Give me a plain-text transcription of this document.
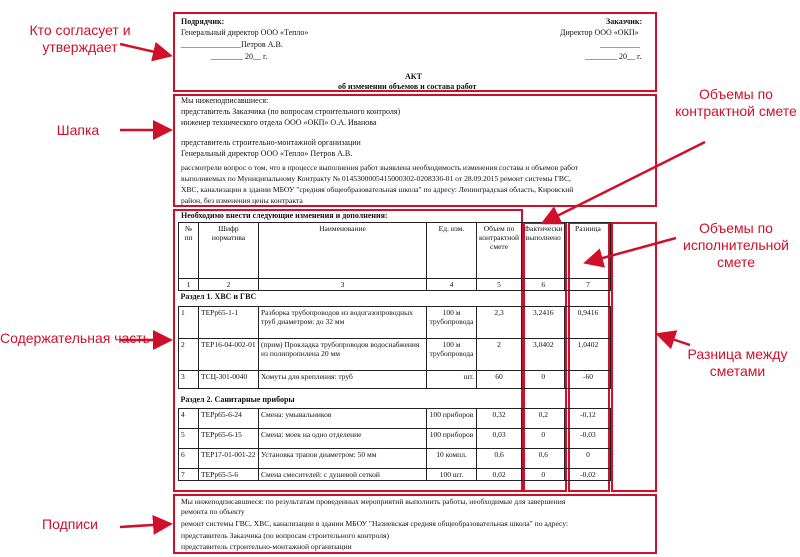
Подрядчик:
Генеральный директор ООО «Тепло»
_______________Петров А.В.
________ 20__ г.
Заказчик:
Директор ООО «ОКП»
__________
________ 20__ г.
АКТ
об изменении объемов и состава работ
Мы нижеподписавшиеся:
представитель Заказчика (по вопросам строительного контроля)
инженер технического отдела ООО «ОКП» О.А. Иванова
представитель строительно-монтажной организации
Генеральный директор ООО «Тепло» Петров А.В.
рассмотрели вопрос о том, что в процессе выполнения работ выявлена необходимость изменения состава и объемов работ
выполняемых по Муниципальному Контракту № 0145300005415000302-0208336-01 от 28.09.2015 ремонт системы ГВС,
ХВС, канализации в здании МБОУ "средняя общеобразовательная школа" по адресу: Ленинградская область, Кировский
район, без изменения цены контракта
Необходимо внести следующие изменения и дополнения:
№ пп	Шифр норматива	Наименование	Ед. изм.	Объем по контрактной смете	Фактически выполнено	Разница
1	2	3	4	5	6	7
Раздел 1. ХВС и ГВС						
1	ТЕРр65-1-1	Разборка трубопроводов из водогазопроводных труб диаметром: до 32 мм	100 м трубопровода	2,3	3,2416	0,9416
2	ТЕР16-04-002-01	(прим) Прокладка трубопроводов водоснабжения из полипропилена 20 мм	100 м трубопровода	2	3,0402	1,0402
3	ТСЦ-301-0040	Хомуты для крепления: труб	шт.	60	0	-60
Раздел 2. Санитарные приборы						
4	ТЕРр65-6-24	Смена: умывальников	100 приборов	0,32	0,2	-0,12
5	ТЕРр65-6-15	Смена: моек на одно отделение	100 приборов	0,03	0	-0,03
6	ТЕР17-01-001-22	Установка трапов диаметром: 50 мм	10 компл.	0,6	0,6	0
7	ТЕРр65-5-6	Смена смесителей: с душевой сеткой	100 шт.	0,02	0	-0,02
Мы нижеподписавшиеся: по результатам проведенных мероприятий выполнить работы, необходимые для завершения
ремонта по объекту
ремонт системы ГВС, ХВС, канализации в здании МБОУ "Назиевская средняя общеобразовательная школа" по адресу:
представитель Заказчика (по вопросам строительного контроля)
представитель строительно-монтажной организации
Кто согласует и утверждает
Шапка
Содержательная часть
Подписи
Объемы по контрактной смете
Объемы по исполнительной смете
Разница между сметами
